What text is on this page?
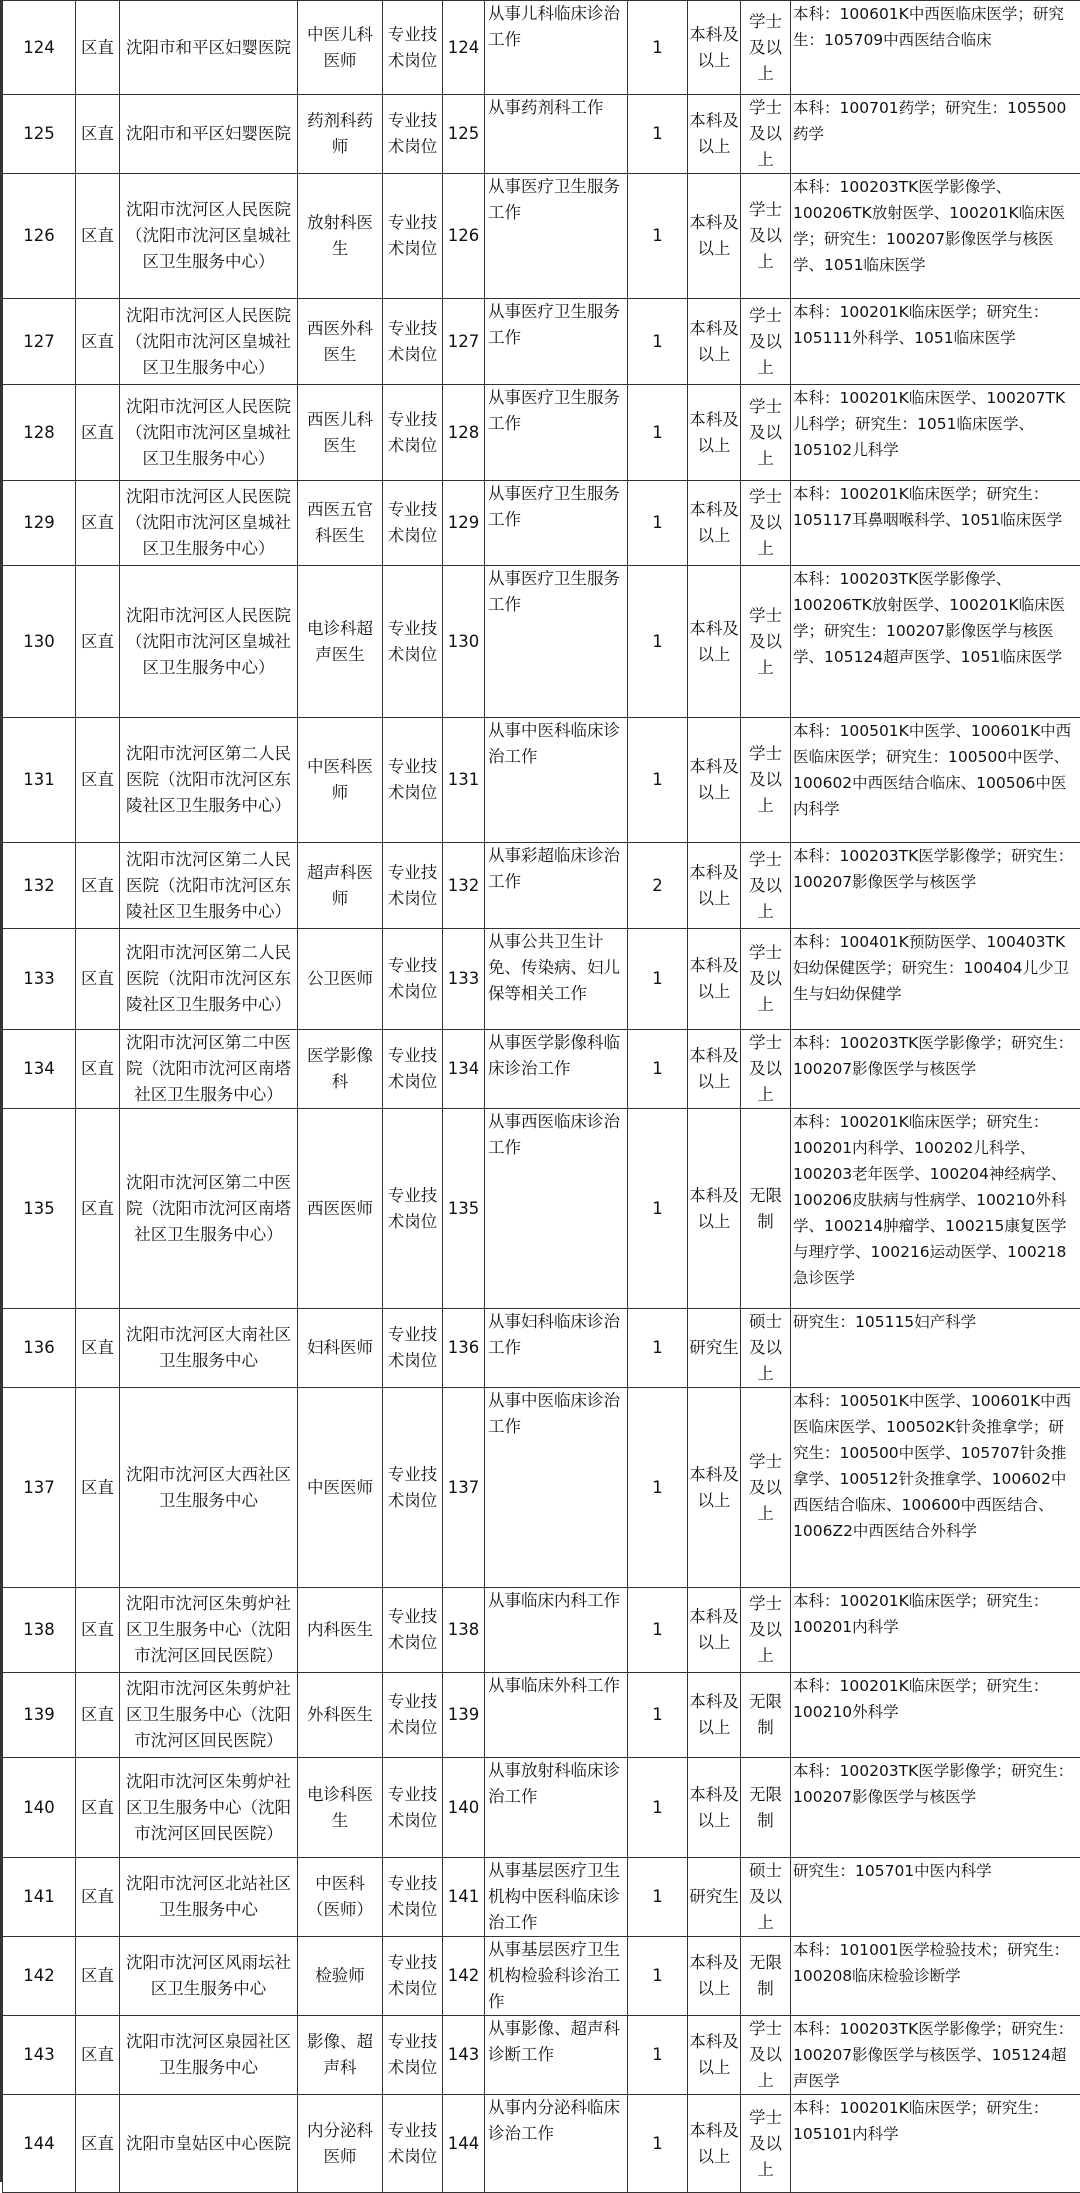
124	区直	沈阳市和平区妇婴医院	中医儿科医师	专业技术岗位	124	从事儿科临床诊治工作	1	本科及以上	学士及以上	本科：100601K中西医临床医学；研究生：105709中西医结合临床
125	区直	沈阳市和平区妇婴医院	药剂科药师	专业技术岗位	125	从事药剂科工作	1	本科及以上	学士及以上	本科：100701药学；研究生：105500药学
126	区直	沈阳市沈河区人民医院（沈阳市沈河区皇城社区卫生服务中心）	放射科医生	专业技术岗位	126	从事医疗卫生服务工作	1	本科及以上	学士及以上	本科：100203TK医学影像学、100206TK放射医学、100201K临床医学；研究生：100207影像医学与核医学、1051临床医学
127	区直	沈阳市沈河区人民医院（沈阳市沈河区皇城社区卫生服务中心）	西医外科医生	专业技术岗位	127	从事医疗卫生服务工作	1	本科及以上	学士及以上	本科：100201K临床医学；研究生：105111外科学、1051临床医学
128	区直	沈阳市沈河区人民医院（沈阳市沈河区皇城社区卫生服务中心）	西医儿科医生	专业技术岗位	128	从事医疗卫生服务工作	1	本科及以上	学士及以上	本科：100201K临床医学、100207TK儿科学；研究生：1051临床医学、105102儿科学
129	区直	沈阳市沈河区人民医院（沈阳市沈河区皇城社区卫生服务中心）	西医五官科医生	专业技术岗位	129	从事医疗卫生服务工作	1	本科及以上	学士及以上	本科：100201K临床医学；研究生：105117耳鼻咽喉科学、1051临床医学
130	区直	沈阳市沈河区人民医院（沈阳市沈河区皇城社区卫生服务中心）	电诊科超声医生	专业技术岗位	130	从事医疗卫生服务工作	1	本科及以上	学士及以上	本科：100203TK医学影像学、100206TK放射医学、100201K临床医学；研究生：100207影像医学与核医学、105124超声医学、1051临床医学
131	区直	沈阳市沈河区第二人民医院（沈阳市沈河区东陵社区卫生服务中心）	中医科医师	专业技术岗位	131	从事中医科临床诊治工作	1	本科及以上	学士及以上	本科：100501K中医学、100601K中西医临床医学；研究生：100500中医学、100602中西医结合临床、100506中医内科学
132	区直	沈阳市沈河区第二人民医院（沈阳市沈河区东陵社区卫生服务中心）	超声科医师	专业技术岗位	132	从事彩超临床诊治工作	2	本科及以上	学士及以上	本科：100203TK医学影像学；研究生：100207影像医学与核医学
133	区直	沈阳市沈河区第二人民医院（沈阳市沈河区东陵社区卫生服务中心）	公卫医师	专业技术岗位	133	从事公共卫生计免、传染病、妇儿保等相关工作	1	本科及以上	学士及以上	本科：100401K预防医学、100403TK妇幼保健医学；研究生：100404儿少卫生与妇幼保健学
134	区直	沈阳市沈河区第二中医院（沈阳市沈河区南塔社区卫生服务中心）	医学影像科	专业技术岗位	134	从事医学影像科临床诊治工作	1	本科及以上	学士及以上	本科：100203TK医学影像学；研究生：100207影像医学与核医学
135	区直	沈阳市沈河区第二中医院（沈阳市沈河区南塔社区卫生服务中心）	西医医师	专业技术岗位	135	从事西医临床诊治工作	1	本科及以上	无限制	本科：100201K临床医学；研究生：100201内科学、100202儿科学、100203老年医学、100204神经病学、100206皮肤病与性病学、100210外科学、100214肿瘤学、100215康复医学与理疗学、100216运动医学、100218急诊医学
136	区直	沈阳市沈河区大南社区卫生服务中心	妇科医师	专业技术岗位	136	从事妇科临床诊治工作	1	研究生	硕士及以上	研究生：105115妇产科学
137	区直	沈阳市沈河区大西社区卫生服务中心	中医医师	专业技术岗位	137	从事中医临床诊治工作	1	本科及以上	学士及以上	本科：100501K中医学、100601K中西医临床医学、100502K针灸推拿学；研究生：100500中医学、105707针灸推拿学、100512针灸推拿学、100602中西医结合临床、100600中西医结合、1006Z2中西医结合外科学
138	区直	沈阳市沈河区朱剪炉社区卫生服务中心（沈阳市沈河区回民医院）	内科医生	专业技术岗位	138	从事临床内科工作	1	本科及以上	学士及以上	本科：100201K临床医学；研究生：100201内科学
139	区直	沈阳市沈河区朱剪炉社区卫生服务中心（沈阳市沈河区回民医院）	外科医生	专业技术岗位	139	从事临床外科工作	1	本科及以上	无限制	本科：100201K临床医学；研究生：100210外科学
140	区直	沈阳市沈河区朱剪炉社区卫生服务中心（沈阳市沈河区回民医院）	电诊科医生	专业技术岗位	140	从事放射科临床诊治工作	1	本科及以上	无限制	本科：100203TK医学影像学；研究生：100207影像医学与核医学
141	区直	沈阳市沈河区北站社区卫生服务中心	中医科（医师）	专业技术岗位	141	从事基层医疗卫生机构中医科临床诊治工作	1	研究生	硕士及以上	研究生：105701中医内科学
142	区直	沈阳市沈河区风雨坛社区卫生服务中心	检验师	专业技术岗位	142	从事基层医疗卫生机构检验科诊治工作	1	本科及以上	无限制	本科：101001医学检验技术；研究生：100208临床检验诊断学
143	区直	沈阳市沈河区泉园社区卫生服务中心	影像、超声科	专业技术岗位	143	从事影像、超声科诊断工作	1	本科及以上	学士及以上	本科：100203TK医学影像学；研究生：100207影像医学与核医学、105124超声医学
144	区直	沈阳市皇姑区中心医院	内分泌科医师	专业技术岗位	144	从事内分泌科临床诊治工作	1	本科及以上	学士及以上	本科：100201K临床医学；研究生：105101内科学
